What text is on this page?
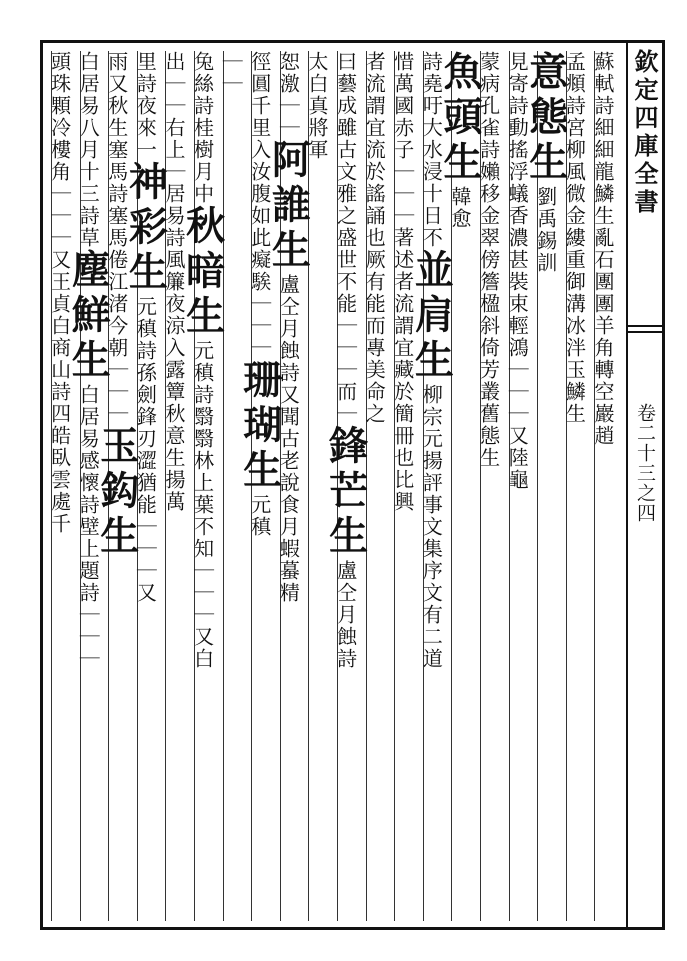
欽定四庫全書
卷二十三之四
蘇軾詩細細龍鱗生亂石團團羊角轉空巖趙
孟頫詩宮柳風微金縷重御溝冰泮玉鱗生
意態生劉禹錫訓
見寄詩動搖浮蟻香濃甚裝束輕鴻｜｜｜又陸龜
蒙病孔雀詩嬾移金翠傍簷楹斜倚芳叢舊態生
魚頭生韓愈
詩堯吁大水浸十日不並肩生柳宗元揚評事文集序文有二道
惜萬國赤子｜｜｜著述者流謂宜藏於簡冊也比興
者流謂宜流於謠誦也厥有能而專美命之
曰藝成雖古文雅之盛世不能｜｜｜而｜鋒芒生盧仝月蝕詩
太白真將軍
恕激｜｜阿誰生盧仝月蝕詩又聞古老說食月蝦蟇精
徑圓千里入汝腹如此癡騃｜｜｜珊瑚生元稹
｜｜
兔絲詩桂樹月中秋暗生元稹詩翳翳林上葉不知｜｜｜又白
出｜｜右上｜居易詩風簾夜涼入露簟秋意生揚萬
里詩夜來一神彩生元稹詩孫劍鋒刃澀猶能｜｜｜又
雨又秋生塞馬詩塞馬倦江渚今朝｜｜｜玉鈎生
白居易八月十三詩草塵鮮生白居易感懷詩壁上題詩｜｜｜
頭珠顆冷樓角｜｜｜又王貞白商山詩四皓臥雲處千
